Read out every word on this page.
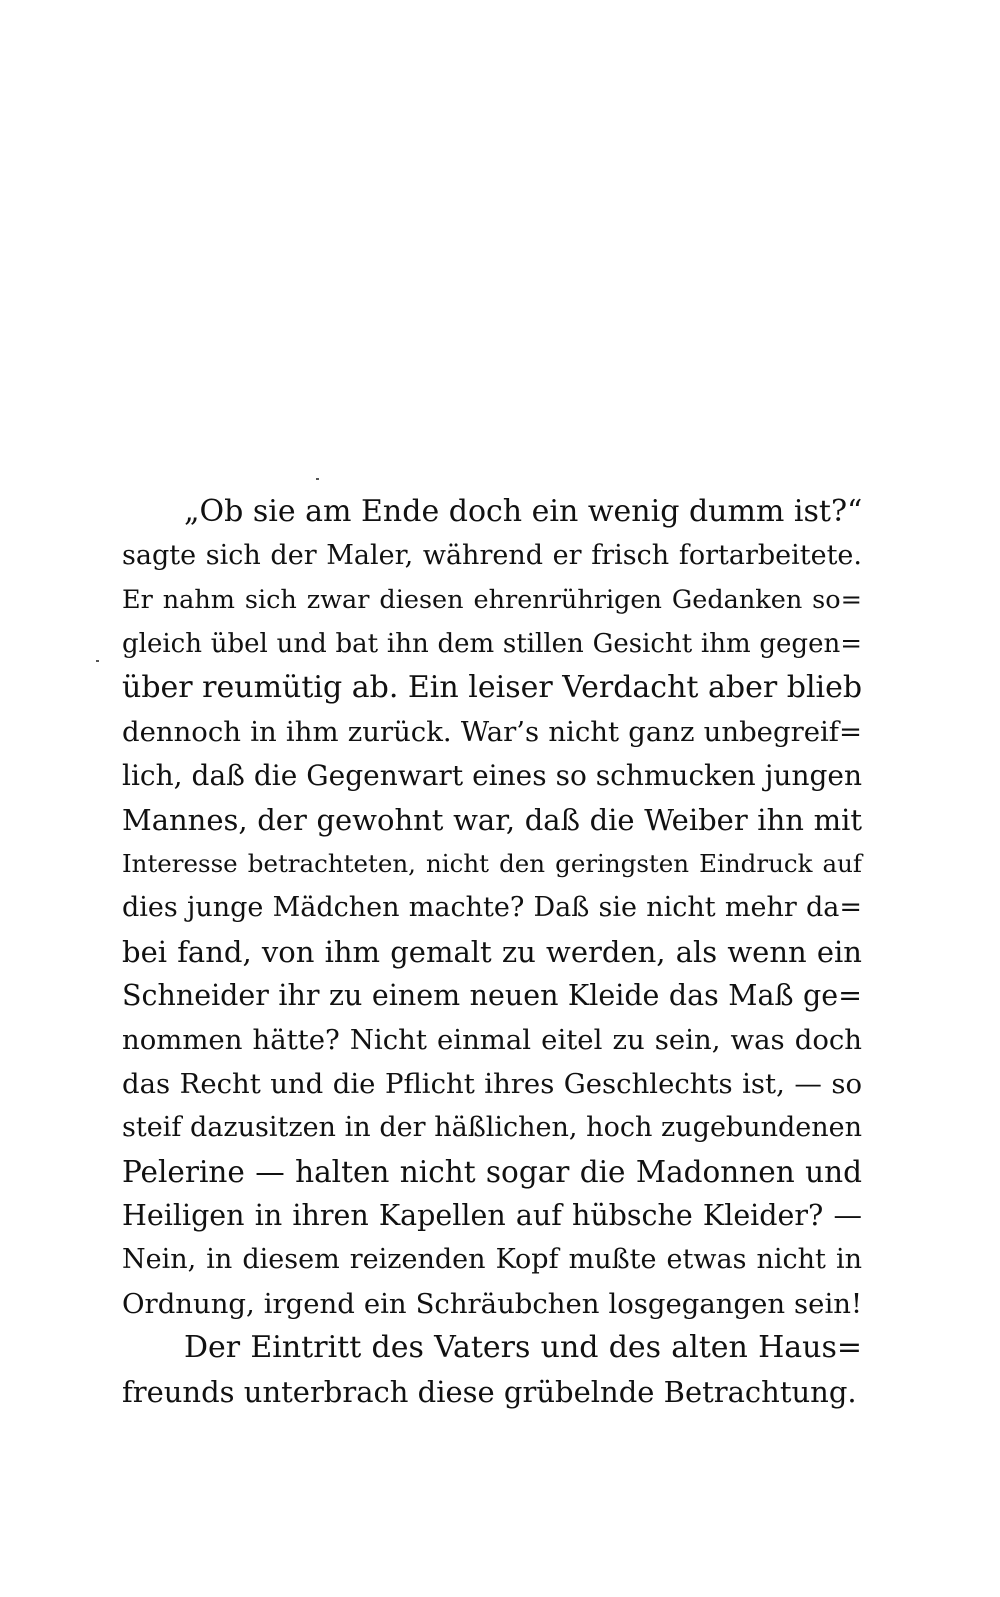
„Ob sie am Ende doch ein wenig dumm ist?“
sagte sich der Maler, während er frisch fortarbeitete.
Er nahm sich zwar diesen ehrenrührigen Gedanken so=
gleich übel und bat ihn dem stillen Gesicht ihm gegen=
über reumütig ab. Ein leiser Verdacht aber blieb
dennoch in ihm zurück. War’s nicht ganz unbegreif=
lich, daß die Gegenwart eines so schmucken jungen
Mannes, der gewohnt war, daß die Weiber ihn mit
Interesse betrachteten, nicht den geringsten Eindruck auf
dies junge Mädchen machte? Daß sie nicht mehr da=
bei fand, von ihm gemalt zu werden, als wenn ein
Schneider ihr zu einem neuen Kleide das Maß ge=
nommen hätte? Nicht einmal eitel zu sein, was doch
das Recht und die Pflicht ihres Geschlechts ist, — so
steif dazusitzen in der häßlichen, hoch zugebundenen
Pelerine — halten nicht sogar die Madonnen und
Heiligen in ihren Kapellen auf hübsche Kleider? —
Nein, in diesem reizenden Kopf mußte etwas nicht in
Ordnung, irgend ein Schräubchen losgegangen sein!
Der Eintritt des Vaters und des alten Haus=
freunds unterbrach diese grübelnde Betrachtung.
